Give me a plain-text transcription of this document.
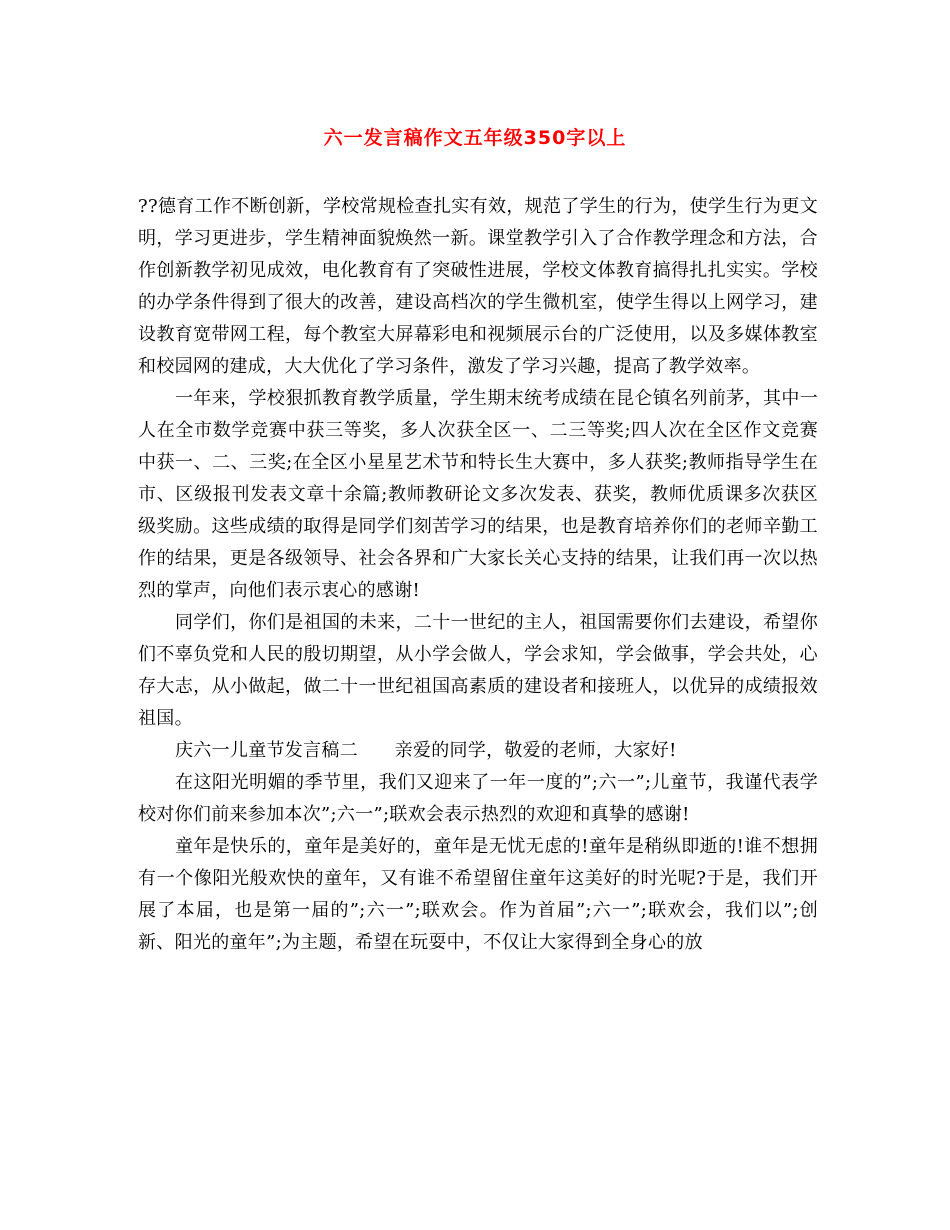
六一发言稿作文五年级350字以上

??德育工作不断创新，学校常规检查扎实有效，规范了学生的行为，使学生行为更文明，学习更进步，学生精神面貌焕然一新。课堂教学引入了合作教学理念和方法，合作创新教学初见成效，电化教育有了突破性进展，学校文体教育搞得扎扎实实。学校的办学条件得到了很大的改善，建设高档次的学生微机室，使学生得以上网学习，建设教育宽带网工程，每个教室大屏幕彩电和视频展示台的广泛使用，以及多媒体教室和校园网的建成，大大优化了学习条件，激发了学习兴趣，提高了教学效率。

一年来，学校狠抓教育教学质量，学生期末统考成绩在昆仑镇名列前茅，其中一人在全市数学竞赛中获三等奖，多人次获全区一、二三等奖;四人次在全区作文竞赛中获一、二、三奖;在全区小星星艺术节和特长生大赛中，多人获奖;教师指导学生在市、区级报刊发表文章十余篇;教师教研论文多次发表、获奖，教师优质课多次获区级奖励。这些成绩的取得是同学们刻苦学习的结果，也是教育培养你们的老师辛勤工作的结果，更是各级领导、社会各界和广大家长关心支持的结果，让我们再一次以热烈的掌声，向他们表示衷心的感谢!

同学们，你们是祖国的未来，二十一世纪的主人，祖国需要你们去建设，希望你们不辜负党和人民的殷切期望，从小学会做人，学会求知，学会做事，学会共处，心存大志，从小做起，做二十一世纪祖国高素质的建设者和接班人，以优异的成绩报效祖国。

庆六一儿童节发言稿二　　亲爱的同学，敬爱的老师，大家好!

在这阳光明媚的季节里，我们又迎来了一年一度的”;六一”;儿童节，我谨代表学校对你们前来参加本次”;六一”;联欢会表示热烈的欢迎和真挚的感谢!

童年是快乐的，童年是美好的，童年是无忧无虑的!童年是稍纵即逝的!谁不想拥有一个像阳光般欢快的童年，又有谁不希望留住童年这美好的时光呢?于是，我们开展了本届，也是第一届的”;六一”;联欢会。作为首届”;六一”;联欢会，我们以”;创新、阳光的童年”;为主题，希望在玩耍中，不仅让大家得到全身心的放
